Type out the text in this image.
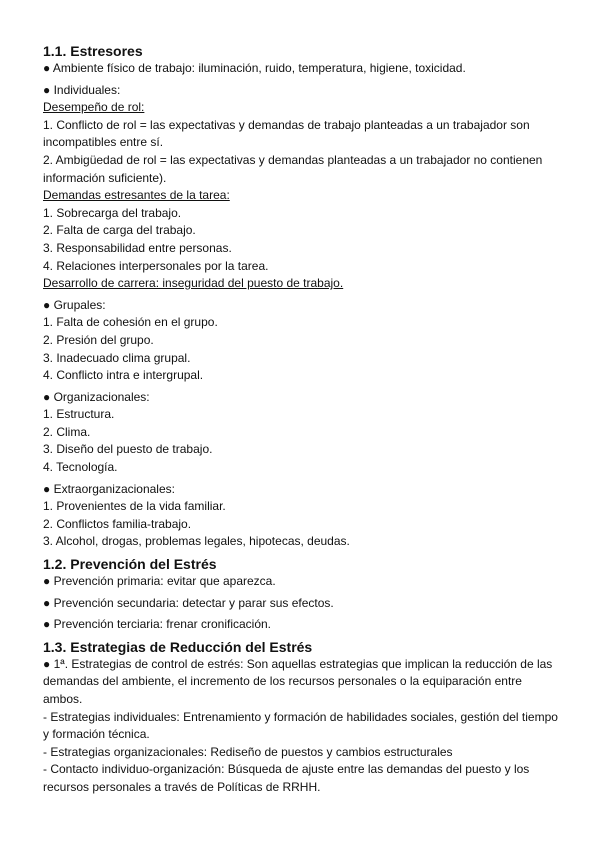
1.1. Estresores

● Ambiente físico de trabajo: iluminación, ruido, temperatura, higiene, toxicidad.

● Individuales:

Desempeño de rol:

1. Conflicto de rol = las expectativas y demandas de trabajo planteadas a un trabajador son incompatibles entre sí.

2. Ambigüedad de rol = las expectativas y demandas planteadas a un trabajador no contienen información suficiente).

Demandas estresantes de la tarea:

1. Sobrecarga del trabajo.

2. Falta de carga del trabajo.

3. Responsabilidad entre personas.

4. Relaciones interpersonales por la tarea.

Desarrollo de carrera: inseguridad del puesto de trabajo.

● Grupales:

1. Falta de cohesión en el grupo.

2. Presión del grupo.

3. Inadecuado clima grupal.

4. Conflicto intra e intergrupal.

● Organizacionales:

1. Estructura.

2. Clima.

3. Diseño del puesto de trabajo.

4. Tecnología.

● Extraorganizacionales:

1. Provenientes de la vida familiar.

2. Conflictos familia-trabajo.

3. Alcohol, drogas, problemas legales, hipotecas, deudas.

1.2. Prevención del Estrés

● Prevención primaria: evitar que aparezca.

● Prevención secundaria: detectar y parar sus efectos.

● Prevención terciaria: frenar cronificación.

1.3. Estrategias de Reducción del Estrés

● 1ª. Estrategias de control de estrés: Son aquellas estrategias que implican la reducción de las demandas del ambiente, el incremento de los recursos personales o la equiparación entre ambos.

- Estrategias individuales: Entrenamiento y formación de habilidades sociales, gestión del tiempo y formación técnica.

- Estrategias organizacionales: Rediseño de puestos y cambios estructurales

- Contacto individuo-organización: Búsqueda de ajuste entre las demandas del puesto y los recursos personales a través de Políticas de RRHH.
